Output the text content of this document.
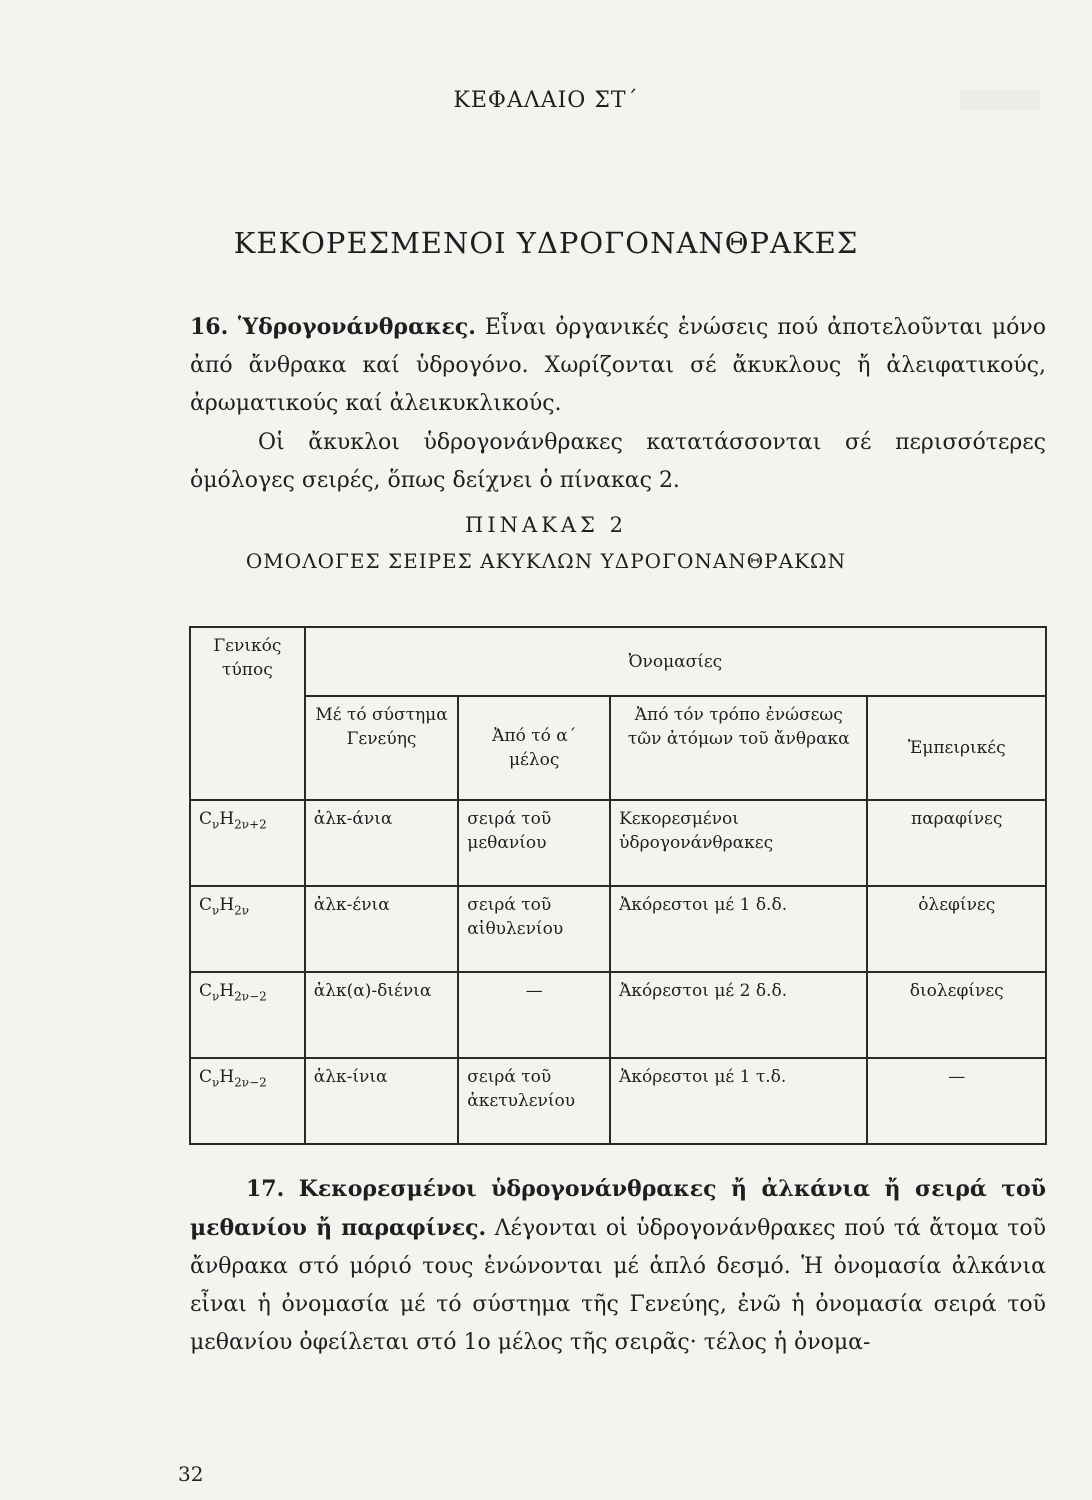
ΚΕΦΑΛΑΙΟ ΣΤ΄
ΚΕΚΟΡΕΣΜΕΝΟΙ ΥΔΡΟΓΟΝΑΝΘΡΑΚΕΣ
16. Ὑδρογονάνθρακες. Εἶναι ὀργανικές ἑνώσεις πού ἀποτελοῦνται μόνο ἀπό ἄνθρακα καί ὑδρογόνο. Χωρίζονται σέ ἄκυκλους ἤ ἀλειφατικούς, ἀρωματικούς καί ἀλεικυκλικούς.
Οἱ ἄκυκλοι ὑδρογονάνθρακες κατατάσσονται σέ περισσότερες ὁμόλογες σειρές, ὅπως δείχνει ὁ πίνακας 2.
ΠΙΝΑΚΑΣ 2
ΟΜΟΛΟΓΕΣ ΣΕΙΡΕΣ ΑΚΥΚΛΩΝ ΥΔΡΟΓΟΝΑΝΘΡΑΚΩΝ
Γενικός τύπος	Ὀνομασίες			
	Μέ τό σύστημα Γενεύης	Ἀπό τό α΄ μέλος	Ἀπό τόν τρόπο ἐνώσεως τῶν ἀτόμων τοῦ ἄνθρακα	Ἐμπειρικές
$C_\nu H_{2\nu+2}$	ἀλκ-άνια	σειρά τοῦ μεθανίου	Κεκορεσμένοι ὑδρογονάνθρακες	παραφίνες
$C_\nu H_{2\nu}$	ἀλκ-ένια	σειρά τοῦ αἰθυλενίου	Ἀκόρεστοι μέ 1 δ.δ.	ὀλεφίνες
$C_\nu H_{2\nu-2}$	ἀλκ(α)-διένια	—	Ἀκόρεστοι μέ 2 δ.δ.	διολεφίνες
$C_\nu H_{2\nu-2}$	ἀλκ-ίνια	σειρά τοῦ ἀκετυλενίου	Ἀκόρεστοι μέ 1 τ.δ.	—
17. Κεκορεσμένοι ὑδρογονάνθρακες ἤ ἀλκάνια ἤ σειρά τοῦ μεθανίου ἤ παραφίνες. Λέγονται οἱ ὑδρογονάνθρακες πού τά ἄτομα τοῦ ἄνθρακα στό μόριό τους ἑνώνονται μέ ἁπλό δεσμό. Ἡ ὀνομασία ἀλκάνια εἶναι ἡ ὀνομασία μέ τό σύστημα τῆς Γενεύης, ἐνῶ ἡ ὀνομασία σειρά τοῦ μεθανίου ὀφείλεται στό 1ο μέλος τῆς σειρᾶς· τέλος ἡ ὀνομα-
32
